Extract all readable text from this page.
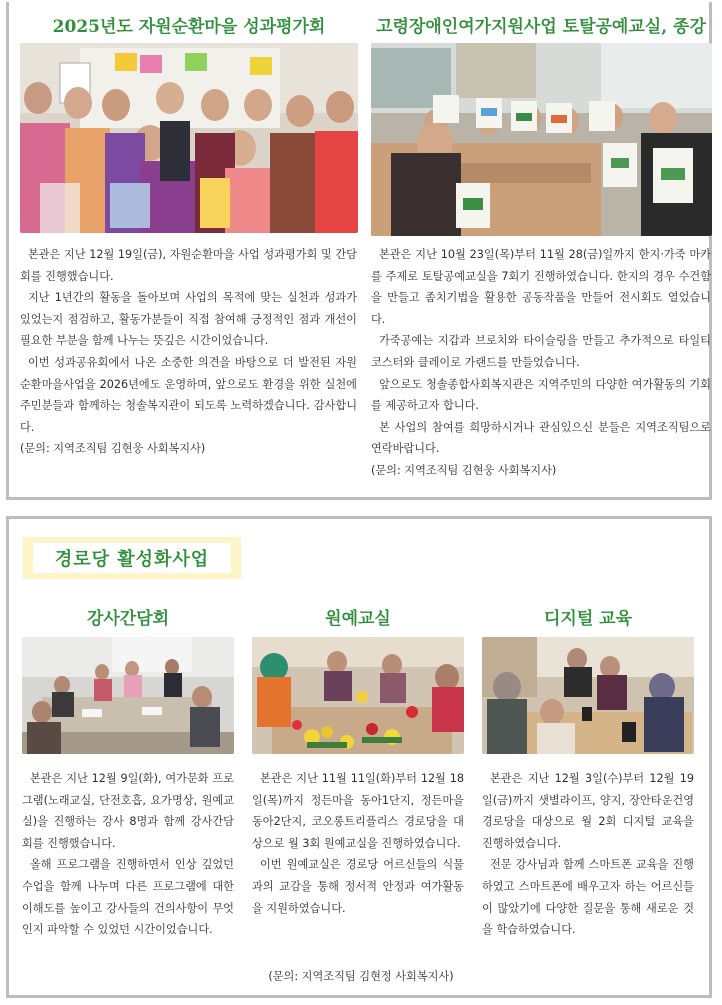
2025년도 자원순환마을 성과평가회	고령장애인여가지원사업 토탈공예교실, 종강

본관은 지난 12월 19일(금), 자원순환마을 사업 성과평가회 및 간담회를 진행했습니다.

지난 1년간의 활동을 돌아보며 사업의 목적에 맞는 실천과 성과가 있었는지 점검하고, 활동가분들이 직접 참여해 긍정적인 점과 개선이 필요한 부분을 함께 나누는 뜻깊은 시간이었습니다.

이번 성과공유회에서 나온 소중한 의견을 바탕으로 더 발전된 자원순환마을사업을 2026년에도 운영하며, 앞으로도 환경을 위한 실천에 주민분들과 함께하는 청솔복지관이 되도록 노력하겠습니다. 감사합니다.

(문의: 지역조직팀 김현웅 사회복지사)

본관은 지난 10월 23일(목)부터 11월 28(금)일까지 한지·가죽 마카를 주제로 토탈공예교실을 7회기 진행하였습니다. 한지의 경우 수건함을 만들고 좀치기법을 활용한 공동작품을 만들어 전시회도 열었습니다.

가죽공예는 지갑과 브로치와 타이슬링을 만들고 추가적으로 타일티코스터와 클레이로 가랜드를 만들었습니다.

앞으로도 청솔종합사회복지관은 지역주민의 다양한 여가활동의 기회를 제공하고자 합니다.

본 사업의 참여를 희망하시거나 관심있으신 분들은 지역조직팀으로 연락바랍니다.

(문의: 지역조직팀 김현웅 사회복지사)

경로당 활성화사업
강사간담회	원예교실	디지털 교육

본관은 지난 12월 9일(화), 여가문화 프로그램(노래교실, 단전호흡, 요가명상, 원예교실)을 진행하는 강사 8명과 함께 강사간담회를 진행했습니다.

올해 프로그램을 진행하면서 인상 깊었던 수업을 함께 나누며 다른 프로그램에 대한 이해도를 높이고 강사들의 건의사항이 무엇인지 파악할 수 있었던 시간이었습니다.

본관은 지난 11월 11일(화)부터 12월 18일(목)까지 정든마을 동아1단지, 정든마을 동아2단지, 코오롱트리플리스 경로당을 대상으로 월 3회 원예교실을 진행하였습니다.

이번 원예교실은 경로당 어르신들의 식물과의 교감을 통해 정서적 안정과 여가활동을 지원하였습니다.

본관은 지난 12월 3일(수)부터 12월 19일(금)까지 샛별라이프, 양지, 장안타운건영 경로당을 대상으로 월 2회 디지털 교육을 진행하였습니다.

전문 강사님과 함께 스마트폰 교육을 진행하였고 스마트폰에 배우고자 하는 어르신들이 많았기에 다양한 질문을 통해 새로운 것을 학습하였습니다.

(문의: 지역조직팀 김현정 사회복지사)
